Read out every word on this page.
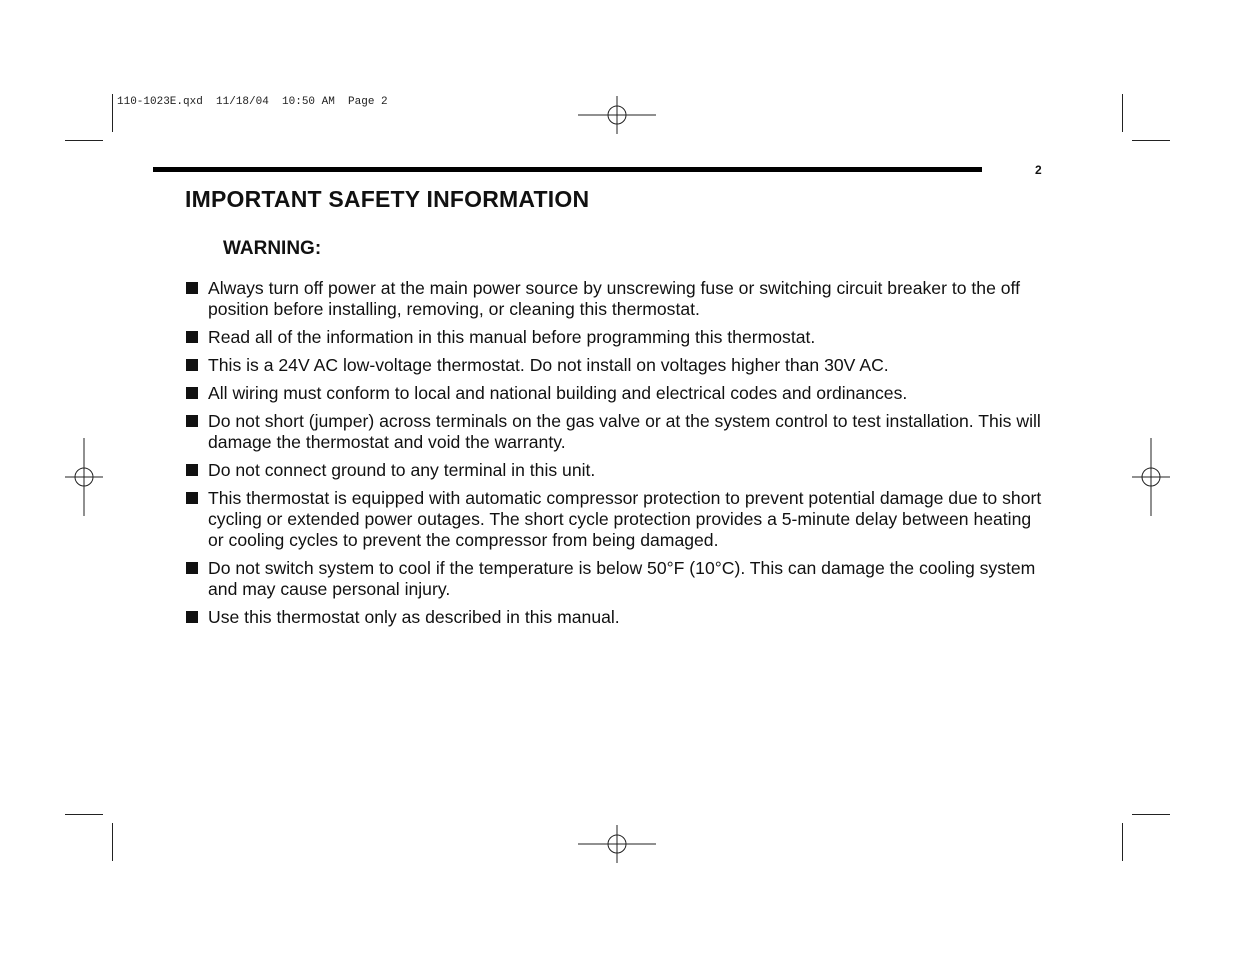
110-1023E.qxd  11/18/04  10:50 AM  Page 2
2
IMPORTANT SAFETY INFORMATION
WARNING:
Always turn off power at the main power source by unscrewing fuse or switching circuit breaker to the off position before installing, removing, or cleaning this thermostat.
Read all of the information in this manual before programming this thermostat.
This is a 24V AC low-voltage thermostat. Do not install on voltages higher than 30V AC.
All wiring must conform to local and national building and electrical codes and ordinances.
Do not short (jumper) across terminals on the gas valve or at the system control to test installation. This will damage the thermostat and void the warranty.
Do not connect ground to any terminal in this unit.
This thermostat is equipped with automatic compressor protection to prevent potential damage due to short cycling or extended power outages. The short cycle protection provides a 5-minute delay between heating or cooling cycles to prevent the compressor from being damaged.
Do not switch system to cool if the temperature is below 50°F (10°C). This can damage the cooling system and may cause personal injury.
Use this thermostat only as described in this manual.
